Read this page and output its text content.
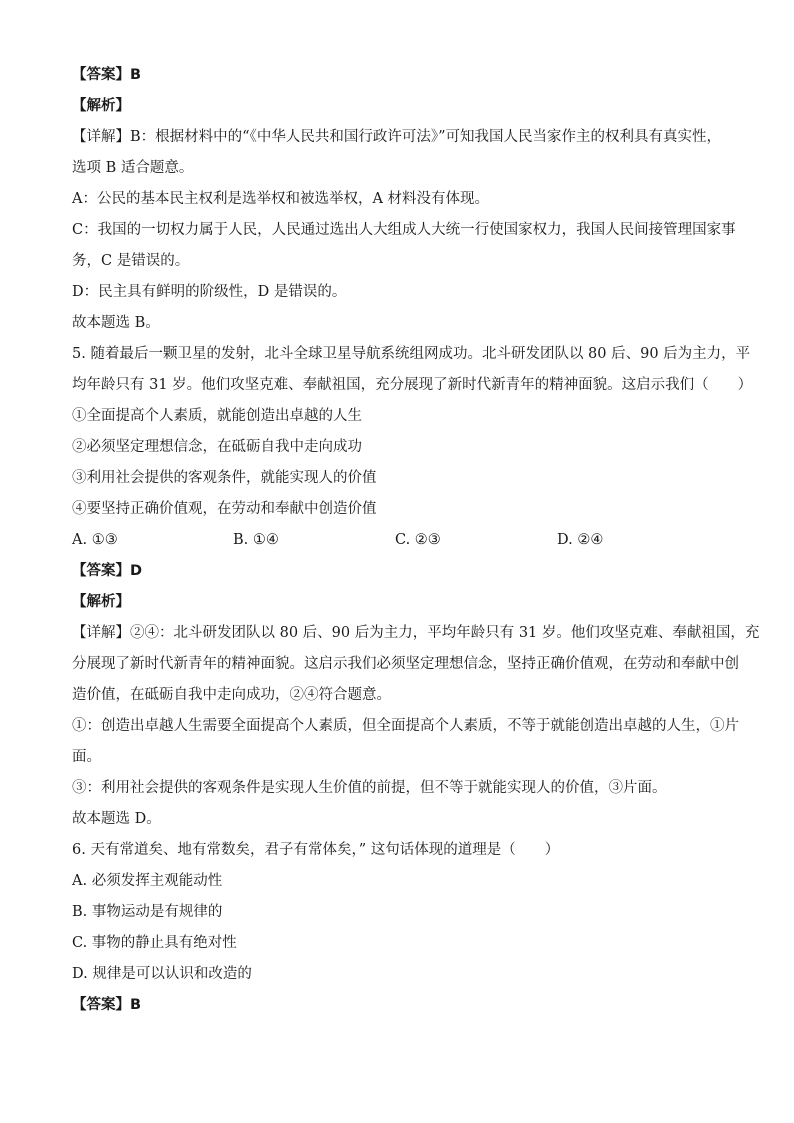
【答案】B
【解析】
【详解】B：根据材料中的“《中华人民共和国行政许可法》”可知我国人民当家作主的权利具有真实性，
选项 B 适合题意。
A：公民的基本民主权利是选举权和被选举权，A 材料没有体现。
C：我国的一切权力属于人民，人民通过选出人大组成人大统一行使国家权力，我国人民间接管理国家事
务，C 是错误的。
D：民主具有鲜明的阶级性，D 是错误的。
故本题选 B。
5. 随着最后一颗卫星的发射，北斗全球卫星导航系统组网成功。北斗研发团队以 80 后、90 后为主力，平
均年龄只有 31 岁。他们攻坚克难、奉献祖国，充分展现了新时代新青年的精神面貌。这启示我们（　　）
①全面提高个人素质，就能创造出卓越的人生
②必须坚定理想信念，在砥砺自我中走向成功
③利用社会提供的客观条件，就能实现人的价值
④要坚持正确价值观，在劳动和奉献中创造价值
A. ①③	B. ①④	C. ②③	D. ②④
【答案】D
【解析】
【详解】②④：北斗研发团队以 80 后、90 后为主力，平均年龄只有 31 岁。他们攻坚克难、奉献祖国，充
分展现了新时代新青年的精神面貌。这启示我们必须坚定理想信念，坚持正确价值观，在劳动和奉献中创
造价值，在砥砺自我中走向成功，②④符合题意。
①：创造出卓越人生需要全面提高个人素质，但全面提高个人素质，不等于就能创造出卓越的人生，①片
面。
③：利用社会提供的客观条件是实现人生价值的前提，但不等于就能实现人的价值，③片面。
故本题选 D。
6. 天有常道矣、地有常数矣，君子有常体矣，” 这句话体现的道理是（　　）
A. 必须发挥主观能动性
B. 事物运动是有规律的
C. 事物的静止具有绝对性
D. 规律是可以认识和改造的
【答案】B
